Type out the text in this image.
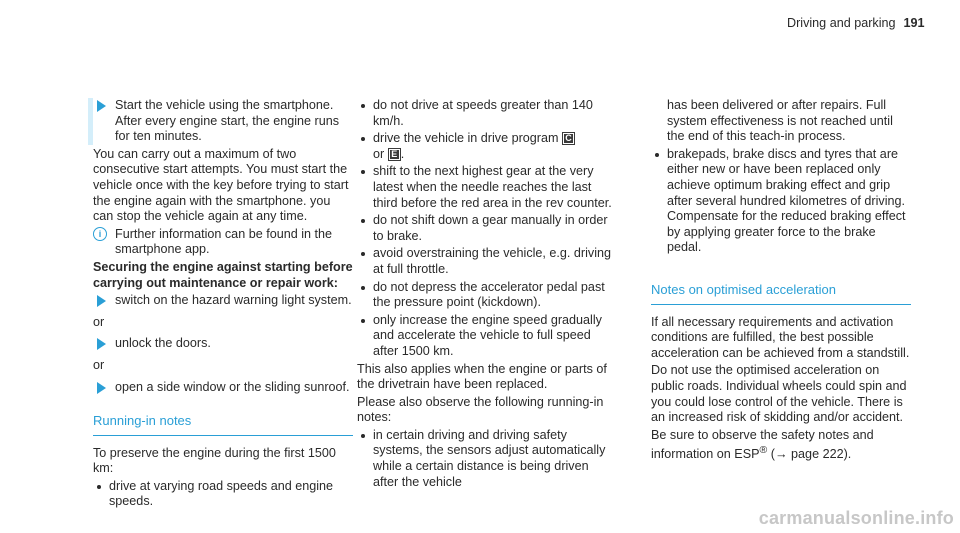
Driving and parking 191
Start the vehicle using the smartphone.
After every engine start, the engine runs for ten minutes.

You can carry out a maximum of two consecutive start attempts. You must start the vehicle once with the key before trying to start the engine again with the smartphone. you can stop the vehicle again at any time.

i	Further information can be found in the smartphone app.

Securing the engine against starting before carrying out maintenance or repair work:

switch on the hazard warning light system.

or

unlock the doors.

or

open a side window or the sliding sunroof.
Running-in notes

To preserve the engine during the first 1500 km:

drive at varying road speeds and engine speeds.
do not drive at speeds greater than 140 km/h.
drive the vehicle in drive program C
or E .
shift to the next highest gear at the very latest when the needle reaches the last third before the red area in the rev counter.
do not shift down a gear manually in order to brake.
avoid overstraining the vehicle, e.g. driving at full throttle.
do not depress the accelerator pedal past the pressure point (kickdown).
only increase the engine speed gradually and accelerate the vehicle to full speed after 1500 km.

This also applies when the engine or parts of the drivetrain have been replaced.

Please also observe the following running-in notes:

in certain driving and driving safety systems, the sensors adjust automatically while a certain distance is being driven after the vehicle

has been delivered or after repairs. Full system effectiveness is not reached until the end of this teach-in process.

brakepads, brake discs and tyres that are either new or have been replaced only achieve optimum braking effect and grip after several hundred kilometres of driving. Compensate for the reduced braking effect by applying greater force to the brake pedal.
Notes on optimised acceleration

If all necessary requirements and activation conditions are fulfilled, the best possible acceleration can be achieved from a standstill.

Do not use the optimised acceleration on public roads. Individual wheels could spin and you could lose control of the vehicle. There is an increased risk of skidding and/or accident.

Be sure to observe the safety notes and information on ESP® (→ page 222).

carmanualsonline.info
